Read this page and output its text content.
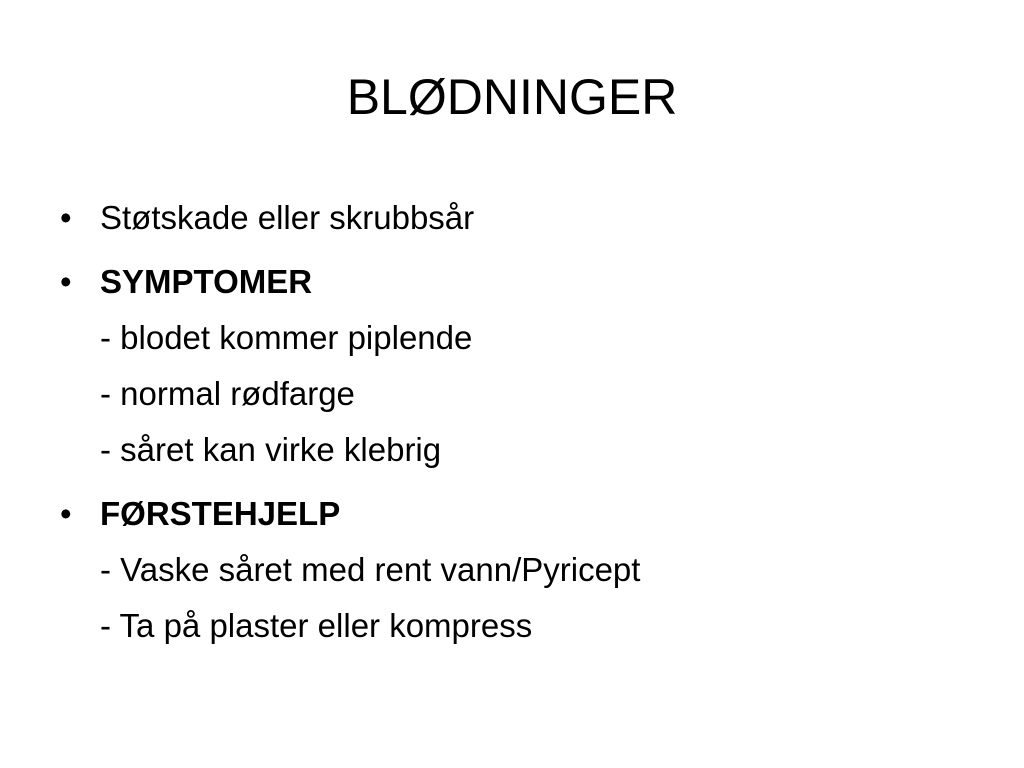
BLØDNINGER
• Støtskade eller skrubbsår
• SYMPTOMER
- blodet kommer piplende
- normal rødfarge
- såret kan virke klebrig
• FØRSTEHJELP
- Vaske såret med rent vann/Pyricept
- Ta på plaster eller kompress
